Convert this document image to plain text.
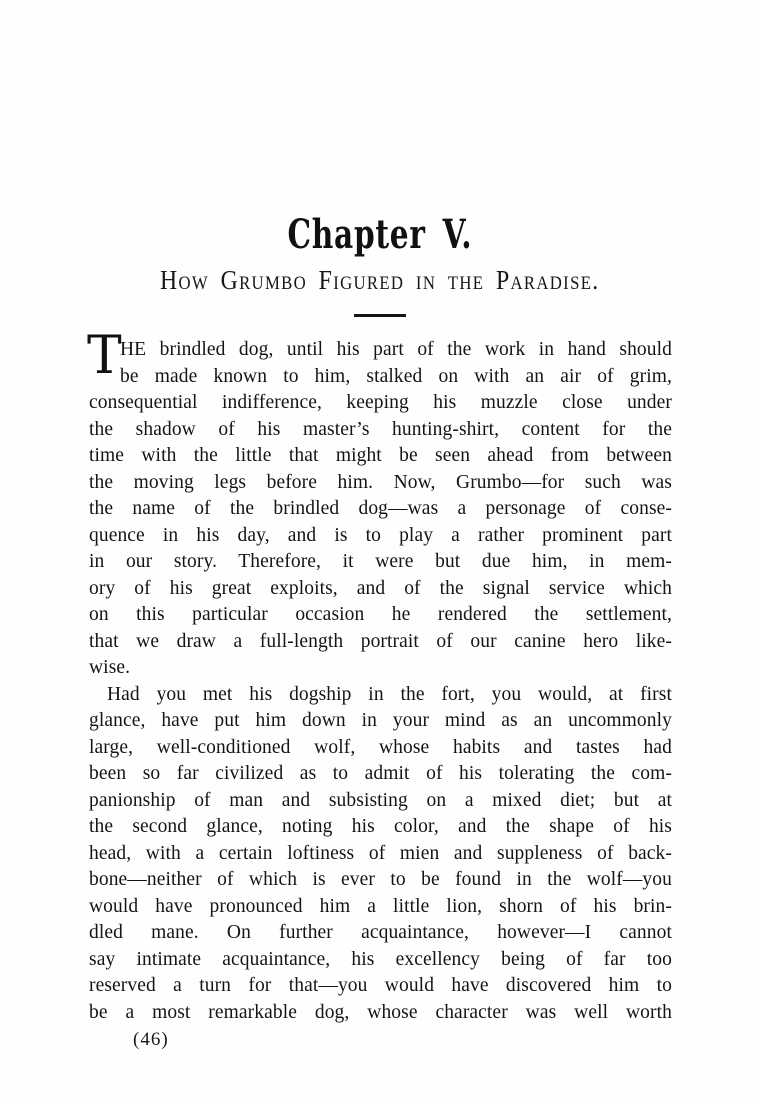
Chapter V.
How Grumbo Figured in the Paradise.
T
HE brindled dog, until his part of the work in hand should
be made known to him, stalked on with an air of grim,
consequential indifference, keeping his muzzle close under
the shadow of his master’s hunting-shirt, content for the
time with the little that might be seen ahead from between
the moving legs before him. Now, Grumbo—for such was
the name of the brindled dog—was a personage of conse-
quence in his day, and is to play a rather prominent part
in our story. Therefore, it were but due him, in mem-
ory of his great exploits, and of the signal service which
on this particular occasion he rendered the settlement,
that we draw a full-length portrait of our canine hero like-
wise.
Had you met his dogship in the fort, you would, at first
glance, have put him down in your mind as an uncommonly
large, well-conditioned wolf, whose habits and tastes had
been so far civilized as to admit of his tolerating the com-
panionship of man and subsisting on a mixed diet; but at
the second glance, noting his color, and the shape of his
head, with a certain loftiness of mien and suppleness of back-
bone—neither of which is ever to be found in the wolf—you
would have pronounced him a little lion, shorn of his brin-
dled mane. On further acquaintance, however—I cannot
say intimate acquaintance, his excellency being of far too
reserved a turn for that—you would have discovered him to
be a most remarkable dog, whose character was well worth
(46)
